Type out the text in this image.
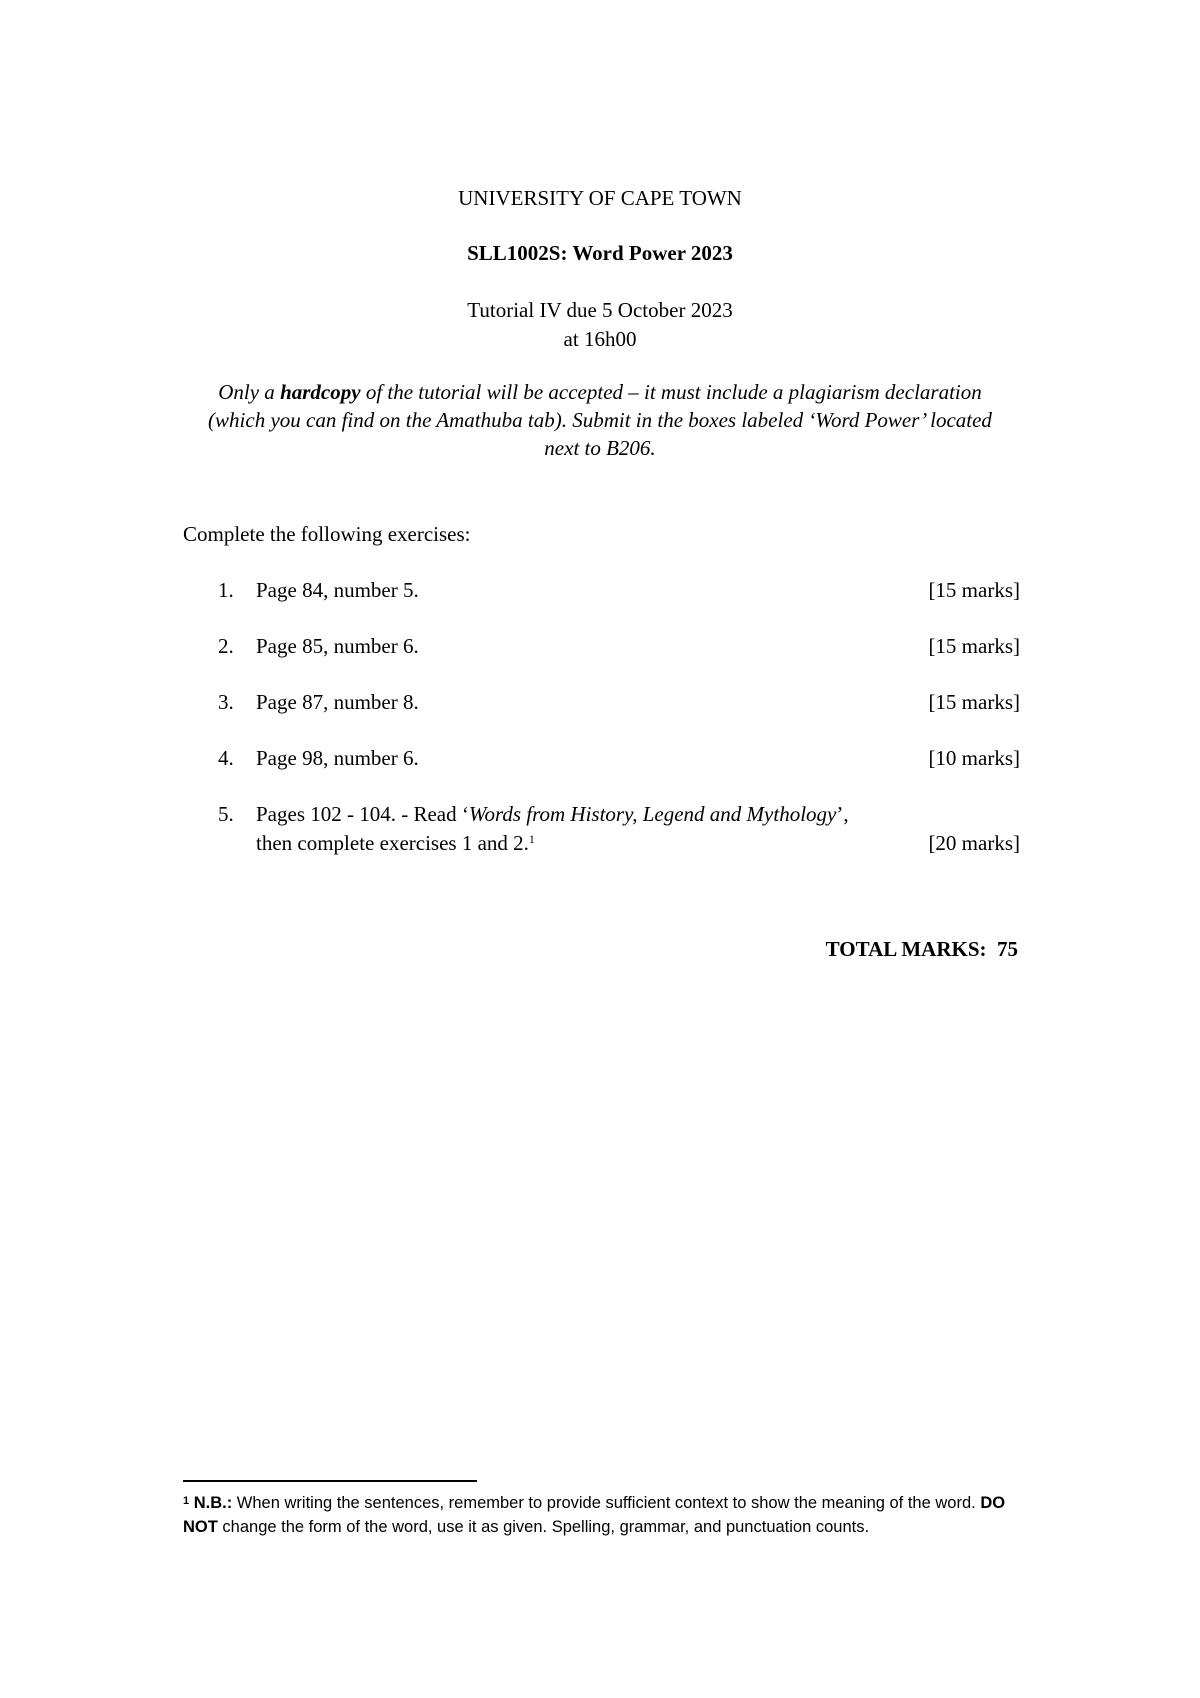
UNIVERSITY OF CAPE TOWN
SLL1002S: Word Power 2023
Tutorial IV due 5 October 2023
at 16h00
Only a hardcopy of the tutorial will be accepted – it must include a plagiarism declaration (which you can find on the Amathuba tab). Submit in the boxes labeled ‘Word Power’ located next to B206.
Complete the following exercises:
1. Page 84, number 5.	[15 marks]
2. Page 85, number 6.	[15 marks]
3. Page 87, number 8.	[15 marks]
4. Page 98, number 6.	[10 marks]
5. Pages 102 - 104. - Read ‘Words from History, Legend and Mythology’,
then complete exercises 1 and 2.$^1$	[20 marks]
TOTAL MARKS: 75
$^1$ N.B.: When writing the sentences, remember to provide sufficient context to show the meaning of the word. DO NOT change the form of the word, use it as given. Spelling, grammar, and punctuation counts.
